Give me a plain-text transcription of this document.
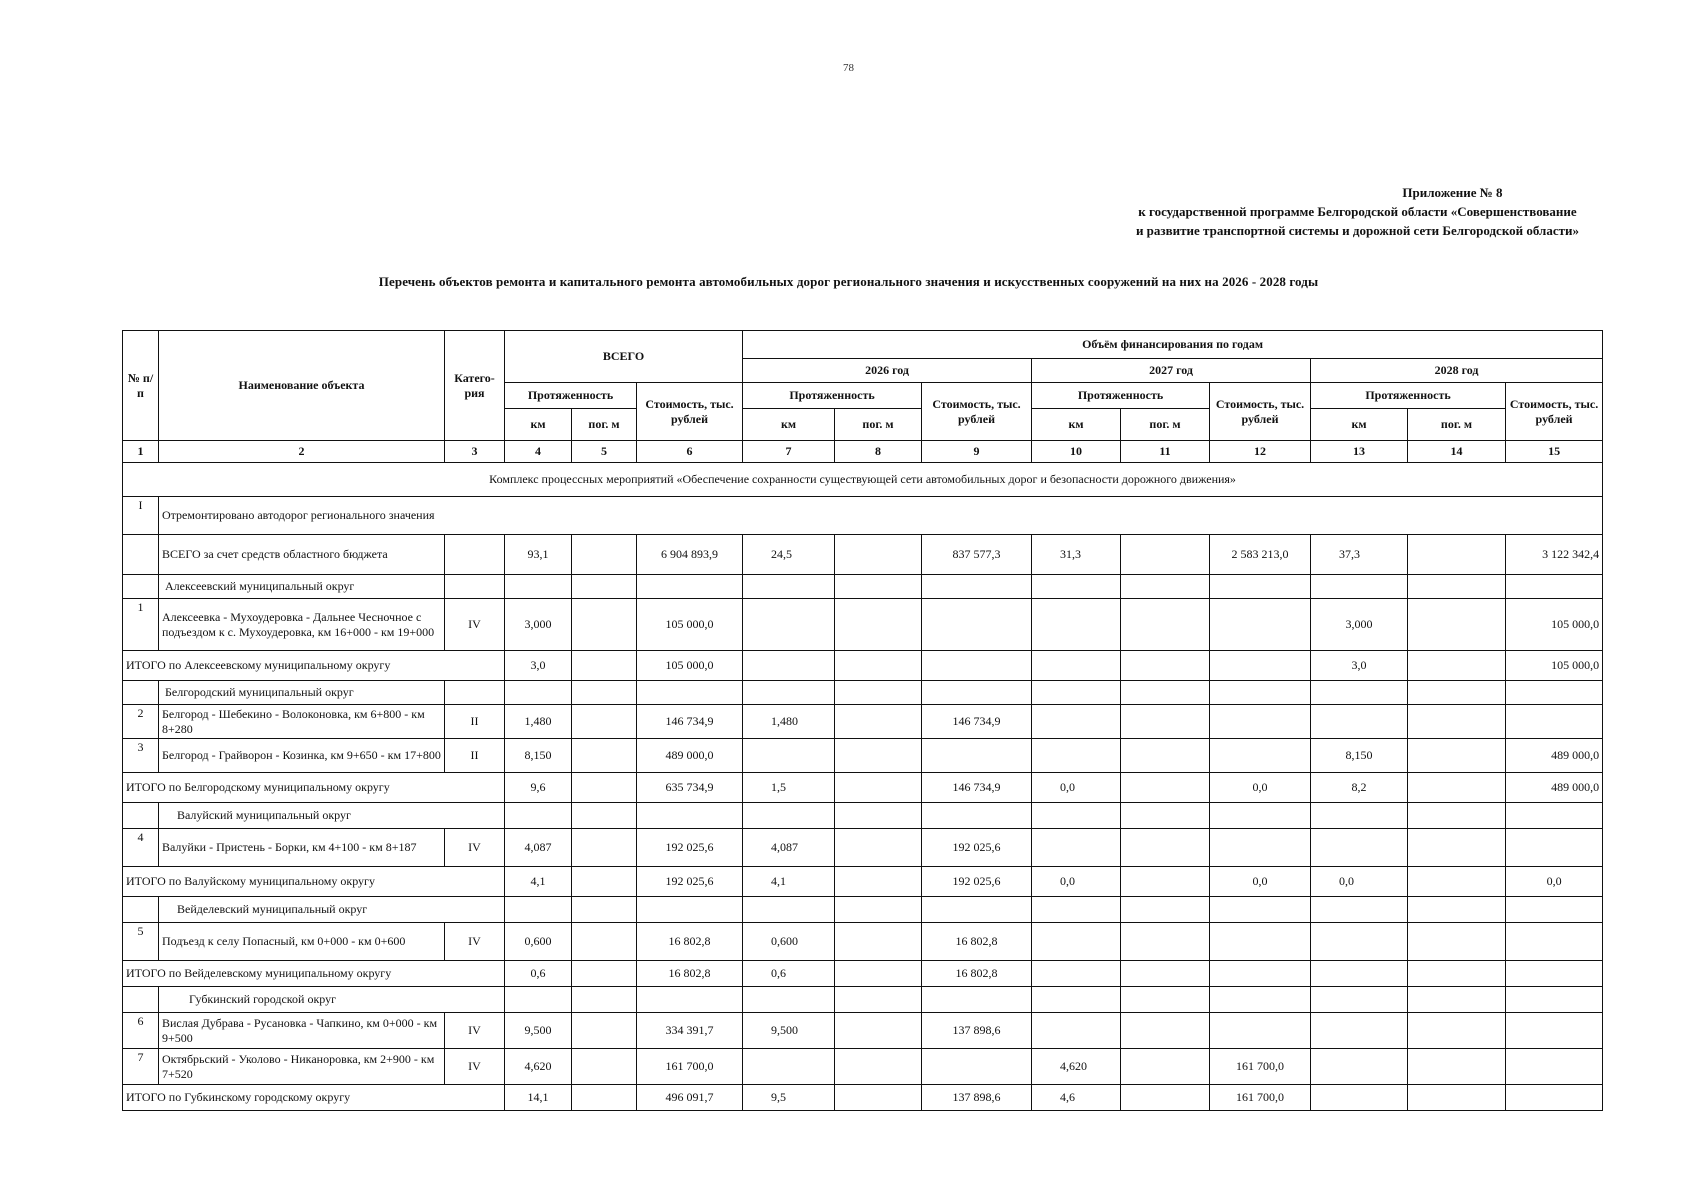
78
Приложение № 8
к государственной программе Белгородской области «Совершенствование
и развитие транспортной системы и дорожной сети Белгородской области»
Перечень объектов ремонта и капитального ремонта автомобильных дорог регионального значения и искусственных сооружений на них на 2026 - 2028 годы
№ п/п	Наименование объекта	Катего-рия	ВСЕГО			Объём финансирования по годам								
						2026 год			2027 год			2028 год		
			Протяженность		Стоимость, тыс. рублей	Протяженность		Стоимость, тыс. рублей	Протяженность		Стоимость, тыс. рублей	Протяженность		Стоимость, тыс. рублей
			км	пог. м		км	пог. м		км	пог. м		км	пог. м	
1	2	3	4	5	6	7	8	9	10	11	12	13	14	15
Комплекс процессных мероприятий «Обеспечение сохранности существующей сети автомобильных дорог и безопасности дорожного движения»														
I	Отремонтировано автодорог регионального значения													
	ВСЕГО за счет средств областного бюджета		93,1		6 904 893,9	24,5		837 577,3	31,3		2 583 213,0	37,3		3 122 342,4
	Алексеевский муниципальный округ													
1	Алексеевка - Мухоудеровка - Дальнее Чесночное с подъездом к с. Мухоудеровка, км 16+000 - км 19+000	IV	3,000		105 000,0							3,000		105 000,0
ИТОГО по Алексеевскому муниципальному округу			3,0		105 000,0							3,0		105 000,0
	Белгородский муниципальный округ													
2	Белгород - Шебекино - Волоконовка, км 6+800 - км 8+280	II	1,480		146 734,9	1,480		146 734,9						
3	Белгород - Грайворон - Козинка, км 9+650 - км 17+800	II	8,150		489 000,0							8,150		489 000,0
ИТОГО по Белгородскому муниципальному округу			9,6		635 734,9	1,5		146 734,9	0,0		0,0	8,2		489 000,0
	Валуйский муниципальный округ													
4	Валуйки - Пристень - Борки, км 4+100 - км 8+187	IV	4,087		192 025,6	4,087		192 025,6						
ИТОГО по Валуйскому муниципальному округу			4,1		192 025,6	4,1		192 025,6	0,0		0,0	0,0		0,0
	Вейделевский муниципальный округ													
5	Подъезд к селу Попасный, км 0+000 - км 0+600	IV	0,600		16 802,8	0,600		16 802,8						
ИТОГО по Вейделевскому муниципальному округу			0,6		16 802,8	0,6		16 802,8						
	Губкинский городской округ													
6	Вислая Дубрава - Русановка - Чапкино, км 0+000 - км 9+500	IV	9,500		334 391,7	9,500		137 898,6						
7	Октябрьский - Уколово - Никаноровка, км 2+900 - км 7+520	IV	4,620		161 700,0				4,620		161 700,0			
ИТОГО по Губкинскому городскому округу			14,1		496 091,7	9,5		137 898,6	4,6		161 700,0			
